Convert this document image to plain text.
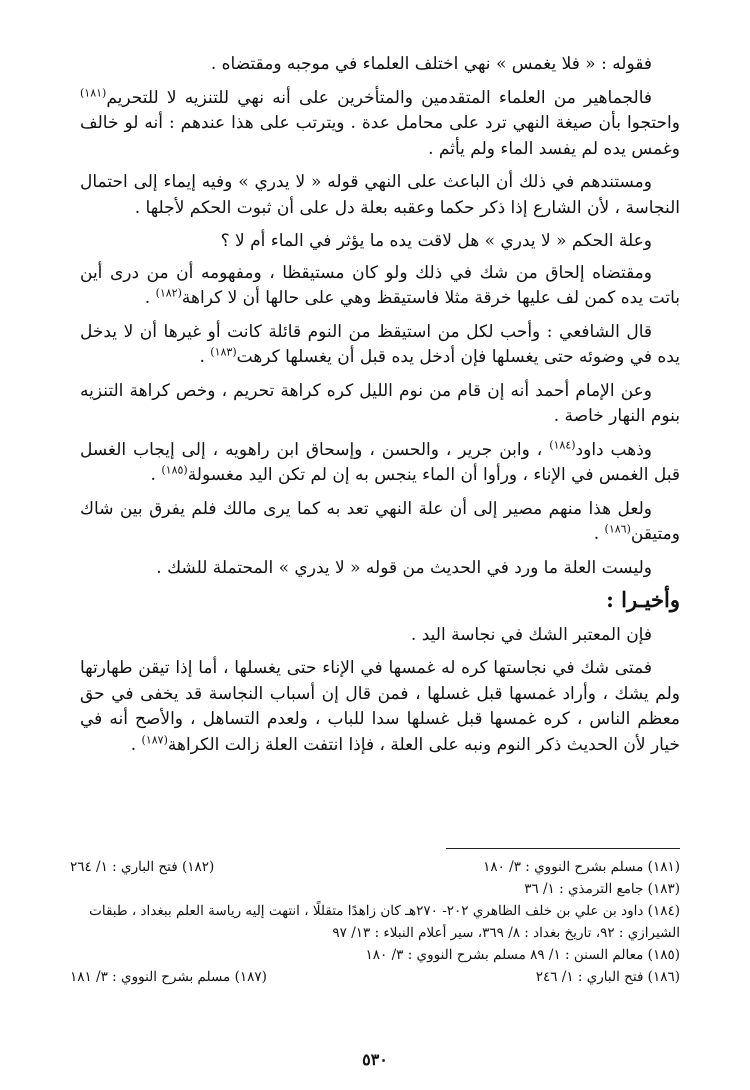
فقوله : « فلا يغمس » نهي اختلف العلماء في موجبه ومقتضاه .

فالجماهير من العلماء المتقدمين والمتأخرين على أنه نهي للتنزيه لا للتحريم$^{(١٨١)}$ واحتجوا بأن صيغة النهي ترد على محامل عدة . ويترتب على هذا عندهم : أنه لو خالف وغمس يده لم يفسد الماء ولم يأثم .

ومستندهم في ذلك أن الباعث على النهي قوله « لا يدري » وفيه إيماء إلى احتمال النجاسة ، لأن الشارع إذا ذكر حكما وعقبه بعلة دل على أن ثبوت الحكم لأجلها .

وعلة الحكم « لا يدري » هل لاقت يده ما يؤثر في الماء أم لا ؟

ومقتضاه إلحاق من شك في ذلك ولو كان مستيقظا ، ومفهومه أن من درى أين باتت يده كمن لف عليها خرقة مثلا فاستيقظ وهي على حالها أن لا كراهة$^{(١٨٢)}$ .

قال الشافعي : وأحب لكل من استيقظ من النوم قائلة كانت أو غيرها أن لا يدخل يده في وضوئه حتى يغسلها فإن أدخل يده قبل أن يغسلها كرهت$^{(١٨٣)}$ .

وعن الإمام أحمد أنه إن قام من نوم الليل كره كراهة تحريم ، وخص كراهة التنزيه بنوم النهار خاصة .

وذهب داود$^{(١٨٤)}$ ، وابن جرير ، والحسن ، وإسحاق ابن راهويه ، إلى إيجاب الغسل قبل الغمس في الإناء ، ورأوا أن الماء ينجس به إن لم تكن اليد مغسولة$^{(١٨٥)}$ .

ولعل هذا منهم مصير إلى أن علة النهي تعد به كما يرى مالك فلم يفرق بين شاك ومتيقن$^{(١٨٦)}$ .

وليست العلة ما ورد في الحديث من قوله « لا يدري » المحتملة للشك .

وأخيـرا :

فإن المعتبر الشك في نجاسة اليد .

فمتى شك في نجاستها كره له غمسها في الإناء حتى يغسلها ، أما إذا تيقن طهارتها ولم يشك ، وأراد غمسها قبل غسلها ، فمن قال إن أسباب النجاسة قد يخفى في حق معظم الناس ، كره غمسها قبل غسلها سدا للباب ، ولعدم التساهل ، والأصح أنه في خيار لأن الحديث ذكر النوم ونبه على العلة ، فإذا انتفت العلة زالت الكراهة$^{(١٨٧)}$ .

(١٨١) مسلم بشرح النووي : ٣/ ١٨٠
(١٨٢) فتح الباري : ١/ ٢٦٤

(١٨٣) جامع الترمذي : ١/ ٣٦

(١٨٤) داود بن علي بن خلف الظاهري ٢٠٢- ٢٧٠هـ كان زاهدًا متقللًا ، انتهت إليه رياسة العلم ببغداد ، طبقات الشيرازي : ٩٢، تاريخ بغداد : ٨/ ٣٦٩، سير أعلام النبلاء : ١٣/ ٩٧

(١٨٥) معالم السنن : ١/ ٨٩ مسلم بشرح النووي : ٣/ ١٨٠

(١٨٦) فتح الباري : ١/ ٢٤٦
(١٨٧) مسلم بشرح النووي : ٣/ ١٨١
٥٣٠
